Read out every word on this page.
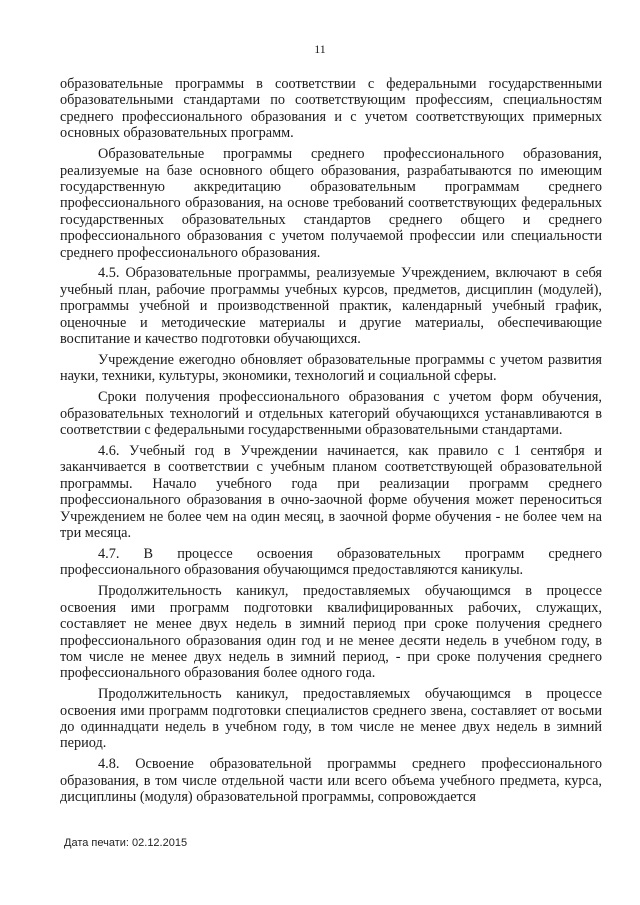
11

образовательные программы в соответствии с федеральными государственными образовательными стандартами по соответствующим профессиям, специальностям среднего профессионального образования и с учетом соответствующих примерных основных образовательных программ.

Образовательные программы среднего профессионального образования, реализуемые на базе основного общего образования, разрабатываются по имеющим государственную аккредитацию образовательным программам среднего профессионального образования, на основе требований соответствующих федеральных государственных образовательных стандартов среднего общего и среднего профессионального образования с учетом получаемой профессии или специальности среднего профессионального образования.

4.5. Образовательные программы, реализуемые Учреждением, включают в себя учебный план, рабочие программы учебных курсов, предметов, дисциплин (модулей), программы учебной и производственной практик, календарный учебный график, оценочные и методические материалы и другие материалы, обеспечивающие воспитание и качество подготовки обучающихся.

Учреждение ежегодно обновляет образовательные программы с учетом развития науки, техники, культуры, экономики, технологий и социальной сферы.

Сроки получения профессионального образования с учетом форм обучения, образовательных технологий и отдельных категорий обучающихся устанавливаются в соответствии с федеральными государственными образовательными стандартами.

4.6. Учебный год в Учреждении начинается, как правило с 1 сентября и заканчивается в соответствии с учебным планом соответствующей образовательной программы. Начало учебного года при реализации программ среднего профессионального образования в очно-заочной форме обучения может переноситься Учреждением не более чем на один месяц, в заочной форме обучения - не более чем на три месяца.

4.7. В процессе освоения образовательных программ среднего профессионального образования обучающимся предоставляются каникулы.

Продолжительность каникул, предоставляемых обучающимся в процессе освоения ими программ подготовки квалифицированных рабочих, служащих, составляет не менее двух недель в зимний период при сроке получения среднего профессионального образования один год и не менее десяти недель в учебном году, в том числе не менее двух недель в зимний период, - при сроке получения среднего профессионального образования более одного года.

Продолжительность каникул, предоставляемых обучающимся в процессе освоения ими программ подготовки специалистов среднего звена, составляет от восьми до одиннадцати недель в учебном году, в том числе не менее двух недель в зимний период.

4.8. Освоение образовательной программы среднего профессионального образования, в том числе отдельной части или всего объема учебного предмета, курса, дисциплины (модуля) образовательной программы, сопровождается

Дата печати: 02.12.2015
